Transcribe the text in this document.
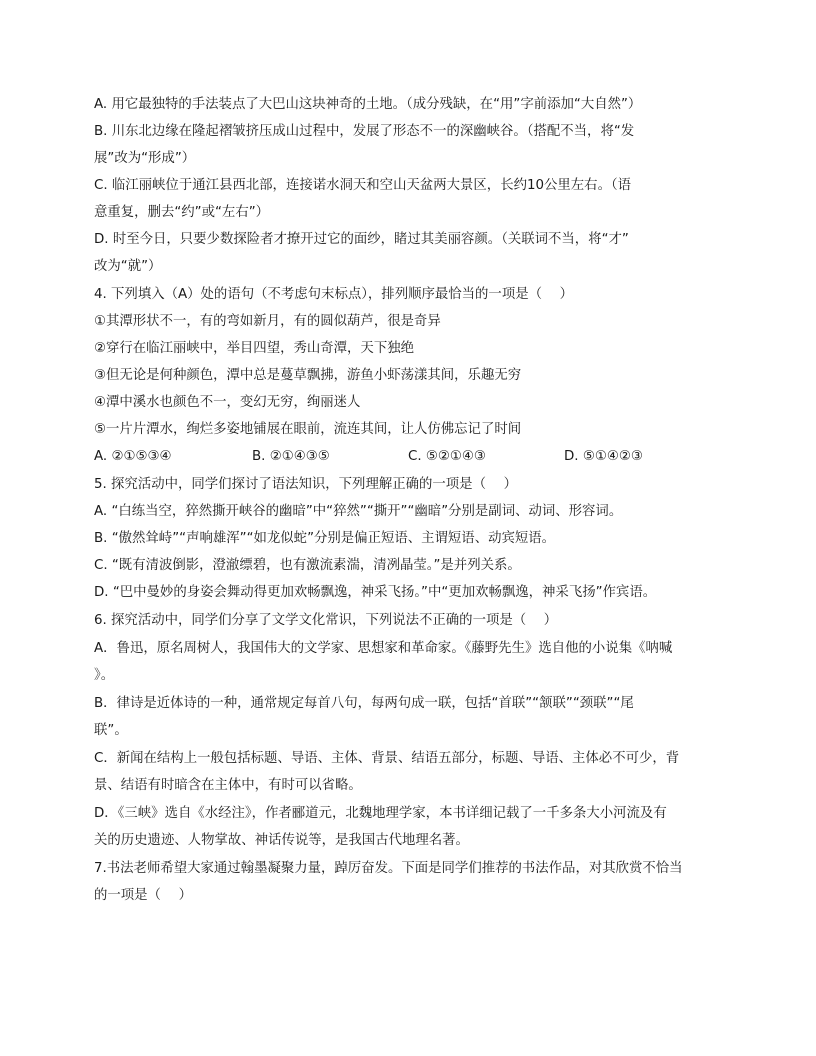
A. 用它最独特的手法装点了大巴山这块神奇的土地。（成分残缺，在“用”字前添加“大自然”）
B. 川东北边缘在隆起褶皱挤压成山过程中，发展了形态不一的深幽峡谷。（搭配不当，将“发
展”改为“形成”）
C. 临江丽峡位于通江县西北部，连接诺水洞天和空山天盆两大景区，长约10公里左右。（语
意重复，删去“约”或“左右”）
D. 时至今日，只要少数探险者才撩开过它的面纱，睹过其美丽容颜。（关联词不当，将“才”
改为“就”）
4. 下列填入（A）处的语句（不考虑句末标点），排列顺序最恰当的一项是（　 ）
①其潭形状不一，有的弯如新月，有的圆似葫芦，很是奇异
②穿行在临江丽峡中，举目四望，秀山奇潭，天下独绝
③但无论是何种颜色，潭中总是蔓草飘拂，游鱼小虾荡漾其间，乐趣无穷
④潭中溪水也颜色不一，变幻无穷，绚丽迷人
⑤一片片潭水，绚烂多姿地铺展在眼前，流连其间，让人仿佛忘记了时间
A. ②①⑤③④	B. ②①④③⑤	C. ⑤②①④③	D. ⑤①④②③
5. 探究活动中，同学们探讨了语法知识，下列理解正确的一项是（　 ）
A. “白练当空，猝然撕开峡谷的幽暗”中“猝然”“撕开”“幽暗”分别是副词、动词、形容词。
B. “傲然耸峙”“声响雄浑”“如龙似蛇”分别是偏正短语、主谓短语、动宾短语。
C. “既有清波倒影，澄澈缥碧，也有激流素湍，清冽晶莹。”是并列关系。
D. “巴中曼妙的身姿会舞动得更加欢畅飘逸，神采飞扬。”中“更加欢畅飘逸，神采飞扬”作宾语。
6. 探究活动中，同学们分享了文学文化常识，下列说法不正确的一项是（　 ）
A．鲁迅，原名周树人，我国伟大的文学家、思想家和革命家。《藤野先生》选自他的小说集《呐喊
》。
B．律诗是近体诗的一种，通常规定每首八句，每两句成一联，包括“首联”“颔联”“颈联”“尾
联”。
C．新闻在结构上一般包括标题、导语、主体、背景、结语五部分，标题、导语、主体必不可少，背
景、结语有时暗含在主体中，有时可以省略。
D．《三峡》选自《水经注》，作者郦道元，北魏地理学家，本书详细记载了一千多条大小河流及有
关的历史遗迹、人物掌故、神话传说等，是我国古代地理名著。
7.书法老师希望大家通过翰墨凝聚力量，踔厉奋发。下面是同学们推荐的书法作品，对其欣赏不恰当
的一项是（　 ）
